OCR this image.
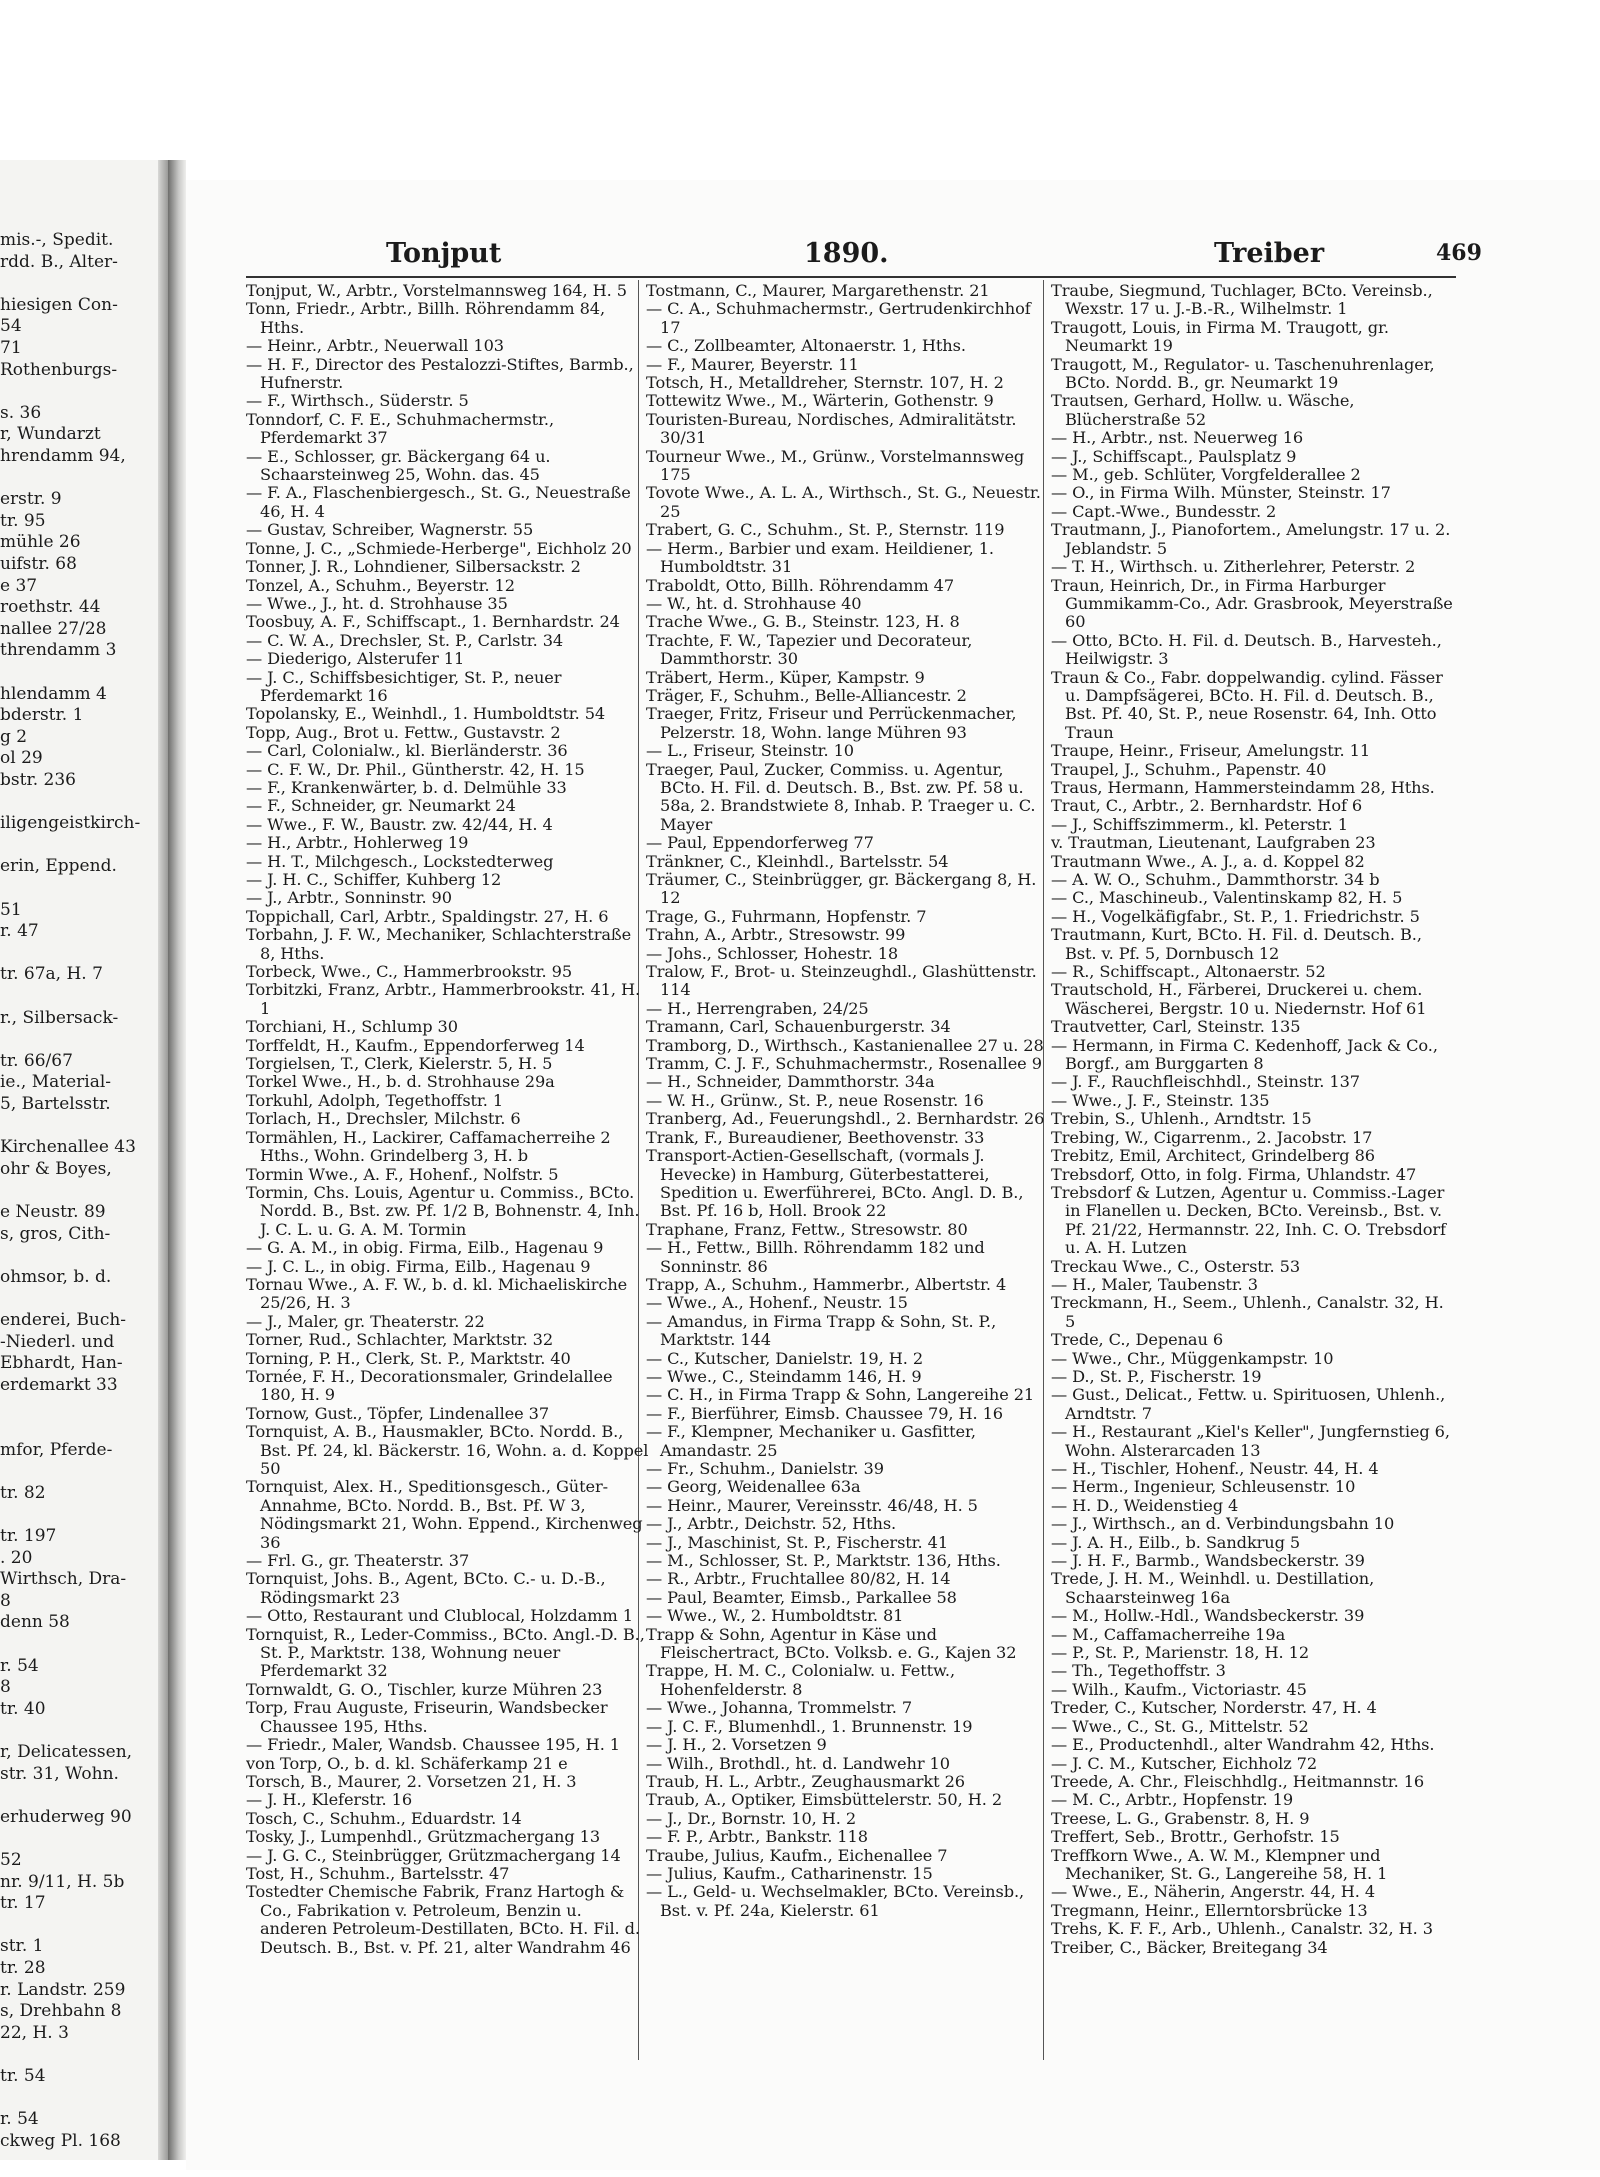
mis.-, Spedit.
rdd. B., Alter-
hiesigen Con-
54
71
Rothenburgs-
s. 36
r, Wundarzt
hrendamm 94,
erstr. 9
tr. 95
mühle 26
uifstr. 68
e 37
roethstr. 44
nallee 27/28
threndamm 3
hlendamm 4
bderstr. 1
g 2
ol 29
bstr. 236
iligengeistkirch-
erin, Eppend.
51
r. 47
tr. 67a, H. 7
r., Silbersack-
tr. 66/67
ie., Material-
5, Bartelsstr.
Kirchenallee 43
ohr & Boyes,
e Neustr. 89
s, gros, Cith-
ohmsor, b. d.
enderei, Buch-
-Niederl. und
Ebhardt, Han-
erdemarkt 33
mfor, Pferde-
tr. 82
tr. 197
. 20
Wirthsch, Dra-
8
denn 58
r. 54
8
tr. 40
r, Delicatessen,
str. 31, Wohn.
erhuderweg 90
52
nr. 9/11, H. 5b
tr. 17
str. 1
tr. 28
r. Landstr. 259
s, Drehbahn 8
22, H. 3
tr. 54
r. 54
ckweg Pl. 168
Tonjput	1890.	Treiber	469

Tonjput, W., Arbtr., Vorstelmannsweg 164, H. 5

Tonn, Friedr., Arbtr., Billh. Röhrendamm 84, Hths.

— Heinr., Arbtr., Neuerwall 103

— H. F., Director des Pestalozzi-Stiftes, Barmb., Hufnerstr.

— F., Wirthsch., Süderstr. 5

Tonndorf, C. F. E., Schuhmachermstr., Pferdemarkt 37

— E., Schlosser, gr. Bäckergang 64 u. Schaarsteinweg 25, Wohn. das. 45

— F. A., Flaschenbiergesch., St. G., Neuestraße 46, H. 4

— Gustav, Schreiber, Wagnerstr. 55

Tonne, J. C., „Schmiede-Herberge", Eichholz 20

Tonner, J. R., Lohndiener, Silbersackstr. 2

Tonzel, A., Schuhm., Beyerstr. 12

— Wwe., J., ht. d. Strohhause 35

Toosbuy, A. F., Schiffscapt., 1. Bernhardstr. 24

— C. W. A., Drechsler, St. P., Carlstr. 34

— Diederigo, Alsterufer 11

— J. C., Schiffsbesichtiger, St. P., neuer Pferdemarkt 16

Topolansky, E., Weinhdl., 1. Humboldtstr. 54

Topp, Aug., Brot u. Fettw., Gustavstr. 2

— Carl, Colonialw., kl. Bierländerstr. 36

— C. F. W., Dr. Phil., Güntherstr. 42, H. 15

— F., Krankenwärter, b. d. Delmühle 33

— F., Schneider, gr. Neumarkt 24

— Wwe., F. W., Baustr. zw. 42/44, H. 4

— H., Arbtr., Hohlerweg 19

— H. T., Milchgesch., Lockstedterweg

— J. H. C., Schiffer, Kuhberg 12

— J., Arbtr., Sonninstr. 90

Toppichall, Carl, Arbtr., Spaldingstr. 27, H. 6

Torbahn, J. F. W., Mechaniker, Schlachterstraße 8, Hths.

Torbeck, Wwe., C., Hammerbrookstr. 95

Torbitzki, Franz, Arbtr., Hammerbrookstr. 41, H. 1

Torchiani, H., Schlump 30

Torffeldt, H., Kaufm., Eppendorferweg 14

Torgielsen, T., Clerk, Kielerstr. 5, H. 5

Torkel Wwe., H., b. d. Strohhause 29a

Torkuhl, Adolph, Tegethoffstr. 1

Torlach, H., Drechsler, Milchstr. 6

Tormählen, H., Lackirer, Caffamacherreihe 2 Hths., Wohn. Grindelberg 3, H. b

Tormin Wwe., A. F., Hohenf., Nolfstr. 5

Tormin, Chs. Louis, Agentur u. Commiss., BCto. Nordd. B., Bst. zw. Pf. 1/2 B, Bohnenstr. 4, Inh. J. C. L. u. G. A. M. Tormin

— G. A. M., in obig. Firma, Eilb., Hagenau 9

— J. C. L., in obig. Firma, Eilb., Hagenau 9

Tornau Wwe., A. F. W., b. d. kl. Michaeliskirche 25/26, H. 3

— J., Maler, gr. Theaterstr. 22

Torner, Rud., Schlachter, Marktstr. 32

Torning, P. H., Clerk, St. P., Marktstr. 40

Tornée, F. H., Decorationsmaler, Grindelallee 180, H. 9

Tornow, Gust., Töpfer, Lindenallee 37

Tornquist, A. B., Hausmakler, BCto. Nordd. B., Bst. Pf. 24, kl. Bäckerstr. 16, Wohn. a. d. Koppel 50

Tornquist, Alex. H., Speditionsgesch., Güter-Annahme, BCto. Nordd. B., Bst. Pf. W 3, Nödingsmarkt 21, Wohn. Eppend., Kirchenweg 36

— Frl. G., gr. Theaterstr. 37

Tornquist, Johs. B., Agent, BCto. C.- u. D.-B., Rödingsmarkt 23

— Otto, Restaurant und Clublocal, Holzdamm 1

Tornquist, R., Leder-Commiss., BCto. Angl.-D. B., St. P., Marktstr. 138, Wohnung neuer Pferdemarkt 32

Tornwaldt, G. O., Tischler, kurze Mühren 23

Torp, Frau Auguste, Friseurin, Wandsbecker Chaussee 195, Hths.

— Friedr., Maler, Wandsb. Chaussee 195, H. 1

von Torp, O., b. d. kl. Schäferkamp 21 e

Torsch, B., Maurer, 2. Vorsetzen 21, H. 3

— J. H., Kleferstr. 16

Tosch, C., Schuhm., Eduardstr. 14

Tosky, J., Lumpenhdl., Grützmachergang 13

— J. G. C., Steinbrügger, Grützmachergang 14

Tost, H., Schuhm., Bartelsstr. 47

Tostedter Chemische Fabrik, Franz Hartogh & Co., Fabrikation v. Petroleum, Benzin u. anderen Petroleum-Destillaten, BCto. H. Fil. d. Deutsch. B., Bst. v. Pf. 21, alter Wandrahm 46

Tostmann, C., Maurer, Margarethenstr. 21

— C. A., Schuhmachermstr., Gertrudenkirchhof 17

— C., Zollbeamter, Altonaerstr. 1, Hths.

— F., Maurer, Beyerstr. 11

Totsch, H., Metalldreher, Sternstr. 107, H. 2

Tottewitz Wwe., M., Wärterin, Gothenstr. 9

Touristen-Bureau, Nordisches, Admiralitätstr. 30/31

Tourneur Wwe., M., Grünw., Vorstelmannsweg 175

Tovote Wwe., A. L. A., Wirthsch., St. G., Neuestr. 25

Trabert, G. C., Schuhm., St. P., Sternstr. 119

— Herm., Barbier und exam. Heildiener, 1. Humboldtstr. 31

Traboldt, Otto, Billh. Röhrendamm 47

— W., ht. d. Strohhause 40

Trache Wwe., G. B., Steinstr. 123, H. 8

Trachte, F. W., Tapezier und Decorateur, Dammthorstr. 30

Träbert, Herm., Küper, Kampstr. 9

Träger, F., Schuhm., Belle-Alliancestr. 2

Traeger, Fritz, Friseur und Perrückenmacher, Pelzerstr. 18, Wohn. lange Mühren 93

— L., Friseur, Steinstr. 10

Traeger, Paul, Zucker, Commiss. u. Agentur, BCto. H. Fil. d. Deutsch. B., Bst. zw. Pf. 58 u. 58a, 2. Brandstwiete 8, Inhab. P. Traeger u. C. Mayer

— Paul, Eppendorferweg 77

Tränkner, C., Kleinhdl., Bartelsstr. 54

Träumer, C., Steinbrügger, gr. Bäckergang 8, H. 12

Trage, G., Fuhrmann, Hopfenstr. 7

Trahn, A., Arbtr., Stresowstr. 99

— Johs., Schlosser, Hohestr. 18

Tralow, F., Brot- u. Steinzeughdl., Glashüttenstr. 114

— H., Herrengraben, 24/25

Tramann, Carl, Schauenburgerstr. 34

Tramborg, D., Wirthsch., Kastanienallee 27 u. 28

Tramm, C. J. F., Schuhmachermstr., Rosenallee 9

— H., Schneider, Dammthorstr. 34a

— W. H., Grünw., St. P., neue Rosenstr. 16

Tranberg, Ad., Feuerungshdl., 2. Bernhardstr. 26

Trank, F., Bureaudiener, Beethovenstr. 33

Transport-Actien-Gesellschaft, (vormals J. Hevecke) in Hamburg, Güterbestatterei, Spedition u. Ewerführerei, BCto. Angl. D. B., Bst. Pf. 16 b, Holl. Brook 22

Traphane, Franz, Fettw., Stresowstr. 80

— H., Fettw., Billh. Röhrendamm 182 und Sonninstr. 86

Trapp, A., Schuhm., Hammerbr., Albertstr. 4

— Wwe., A., Hohenf., Neustr. 15

— Amandus, in Firma Trapp & Sohn, St. P., Marktstr. 144

— C., Kutscher, Danielstr. 19, H. 2

— Wwe., C., Steindamm 146, H. 9

— C. H., in Firma Trapp & Sohn, Langereihe 21

— F., Bierführer, Eimsb. Chaussee 79, H. 16

— F., Klempner, Mechaniker u. Gasfitter, Amandastr. 25

— Fr., Schuhm., Danielstr. 39

— Georg, Weidenallee 63a

— Heinr., Maurer, Vereinsstr. 46/48, H. 5

— J., Arbtr., Deichstr. 52, Hths.

— J., Maschinist, St. P., Fischerstr. 41

— M., Schlosser, St. P., Marktstr. 136, Hths.

— R., Arbtr., Fruchtallee 80/82, H. 14

— Paul, Beamter, Eimsb., Parkallee 58

— Wwe., W., 2. Humboldtstr. 81

Trapp & Sohn, Agentur in Käse und Fleischertract, BCto. Volksb. e. G., Kajen 32

Trappe, H. M. C., Colonialw. u. Fettw., Hohenfelderstr. 8

— Wwe., Johanna, Trommelstr. 7

— J. C. F., Blumenhdl., 1. Brunnenstr. 19

— J. H., 2. Vorsetzen 9

— Wilh., Brothdl., ht. d. Landwehr 10

Traub, H. L., Arbtr., Zeughausmarkt 26

Traub, A., Optiker, Eimsbüttelerstr. 50, H. 2

— J., Dr., Bornstr. 10, H. 2

— F. P., Arbtr., Bankstr. 118

Traube, Julius, Kaufm., Eichenallee 7

— Julius, Kaufm., Catharinenstr. 15

— L., Geld- u. Wechselmakler, BCto. Vereinsb., Bst. v. Pf. 24a, Kielerstr. 61

Traube, Siegmund, Tuchlager, BCto. Vereinsb., Wexstr. 17 u. J.-B.-R., Wilhelmstr. 1

Traugott, Louis, in Firma M. Traugott, gr. Neumarkt 19

Traugott, M., Regulator- u. Taschenuhrenlager, BCto. Nordd. B., gr. Neumarkt 19

Trautsen, Gerhard, Hollw. u. Wäsche, Blücherstraße 52

— H., Arbtr., nst. Neuerweg 16

— J., Schiffscapt., Paulsplatz 9

— M., geb. Schlüter, Vorgfelderallee 2

— O., in Firma Wilh. Münster, Steinstr. 17

— Capt.-Wwe., Bundesstr. 2

Trautmann, J., Pianofortem., Amelungstr. 17 u. 2. Jeblandstr. 5

— T. H., Wirthsch. u. Zitherlehrer, Peterstr. 2

Traun, Heinrich, Dr., in Firma Harburger Gummikamm-Co., Adr. Grasbrook, Meyerstraße 60

— Otto, BCto. H. Fil. d. Deutsch. B., Harvesteh., Heilwigstr. 3

Traun & Co., Fabr. doppelwandig. cylind. Fässer u. Dampfsägerei, BCto. H. Fil. d. Deutsch. B., Bst. Pf. 40, St. P., neue Rosenstr. 64, Inh. Otto Traun

Traupe, Heinr., Friseur, Amelungstr. 11

Traupel, J., Schuhm., Papenstr. 40

Traus, Hermann, Hammersteindamm 28, Hths.

Traut, C., Arbtr., 2. Bernhardstr. Hof 6

— J., Schiffszimmerm., kl. Peterstr. 1

v. Trautman, Lieutenant, Laufgraben 23

Trautmann Wwe., A. J., a. d. Koppel 82

— A. W. O., Schuhm., Dammthorstr. 34 b

— C., Maschineub., Valentinskamp 82, H. 5

— H., Vogelkäfigfabr., St. P., 1. Friedrichstr. 5

Trautmann, Kurt, BCto. H. Fil. d. Deutsch. B., Bst. v. Pf. 5, Dornbusch 12

— R., Schiffscapt., Altonaerstr. 52

Trautschold, H., Färberei, Druckerei u. chem. Wäscherei, Bergstr. 10 u. Niedernstr. Hof 61

Trautvetter, Carl, Steinstr. 135

— Hermann, in Firma C. Kedenhoff, Jack & Co., Borgf., am Burggarten 8

— J. F., Rauchfleischhdl., Steinstr. 137

— Wwe., J. F., Steinstr. 135

Trebin, S., Uhlenh., Arndtstr. 15

Trebing, W., Cigarrenm., 2. Jacobstr. 17

Trebitz, Emil, Architect, Grindelberg 86

Trebsdorf, Otto, in folg. Firma, Uhlandstr. 47

Trebsdorf & Lutzen, Agentur u. Commiss.-Lager in Flanellen u. Decken, BCto. Vereinsb., Bst. v. Pf. 21/22, Hermannstr. 22, Inh. C. O. Trebsdorf u. A. H. Lutzen

Treckau Wwe., C., Osterstr. 53

— H., Maler, Taubenstr. 3

Treckmann, H., Seem., Uhlenh., Canalstr. 32, H. 5

Trede, C., Depenau 6

— Wwe., Chr., Müggenkampstr. 10

— D., St. P., Fischerstr. 19

— Gust., Delicat., Fettw. u. Spirituosen, Uhlenh., Arndtstr. 7

— H., Restaurant „Kiel's Keller", Jungfernstieg 6, Wohn. Alsterarcaden 13

— H., Tischler, Hohenf., Neustr. 44, H. 4

— Herm., Ingenieur, Schleusenstr. 10

— H. D., Weidenstieg 4

— J., Wirthsch., an d. Verbindungsbahn 10

— J. A. H., Eilb., b. Sandkrug 5

— J. H. F., Barmb., Wandsbeckerstr. 39

Trede, J. H. M., Weinhdl. u. Destillation, Schaarsteinweg 16a

— M., Hollw.-Hdl., Wandsbeckerstr. 39

— M., Caffamacherreihe 19a

— P., St. P., Marienstr. 18, H. 12

— Th., Tegethoffstr. 3

— Wilh., Kaufm., Victoriastr. 45

Treder, C., Kutscher, Norderstr. 47, H. 4

— Wwe., C., St. G., Mittelstr. 52

— E., Productenhdl., alter Wandrahm 42, Hths.

— J. C. M., Kutscher, Eichholz 72

Treede, A. Chr., Fleischhdlg., Heitmannstr. 16

— M. C., Arbtr., Hopfenstr. 19

Treese, L. G., Grabenstr. 8, H. 9

Treffert, Seb., Brottr., Gerhofstr. 15

Treffkorn Wwe., A. W. M., Klempner und Mechaniker, St. G., Langereihe 58, H. 1

— Wwe., E., Näherin, Angerstr. 44, H. 4

Tregmann, Heinr., Ellerntorsbrücke 13

Trehs, K. F. F., Arb., Uhlenh., Canalstr. 32, H. 3

Treiber, C., Bäcker, Breitegang 34
